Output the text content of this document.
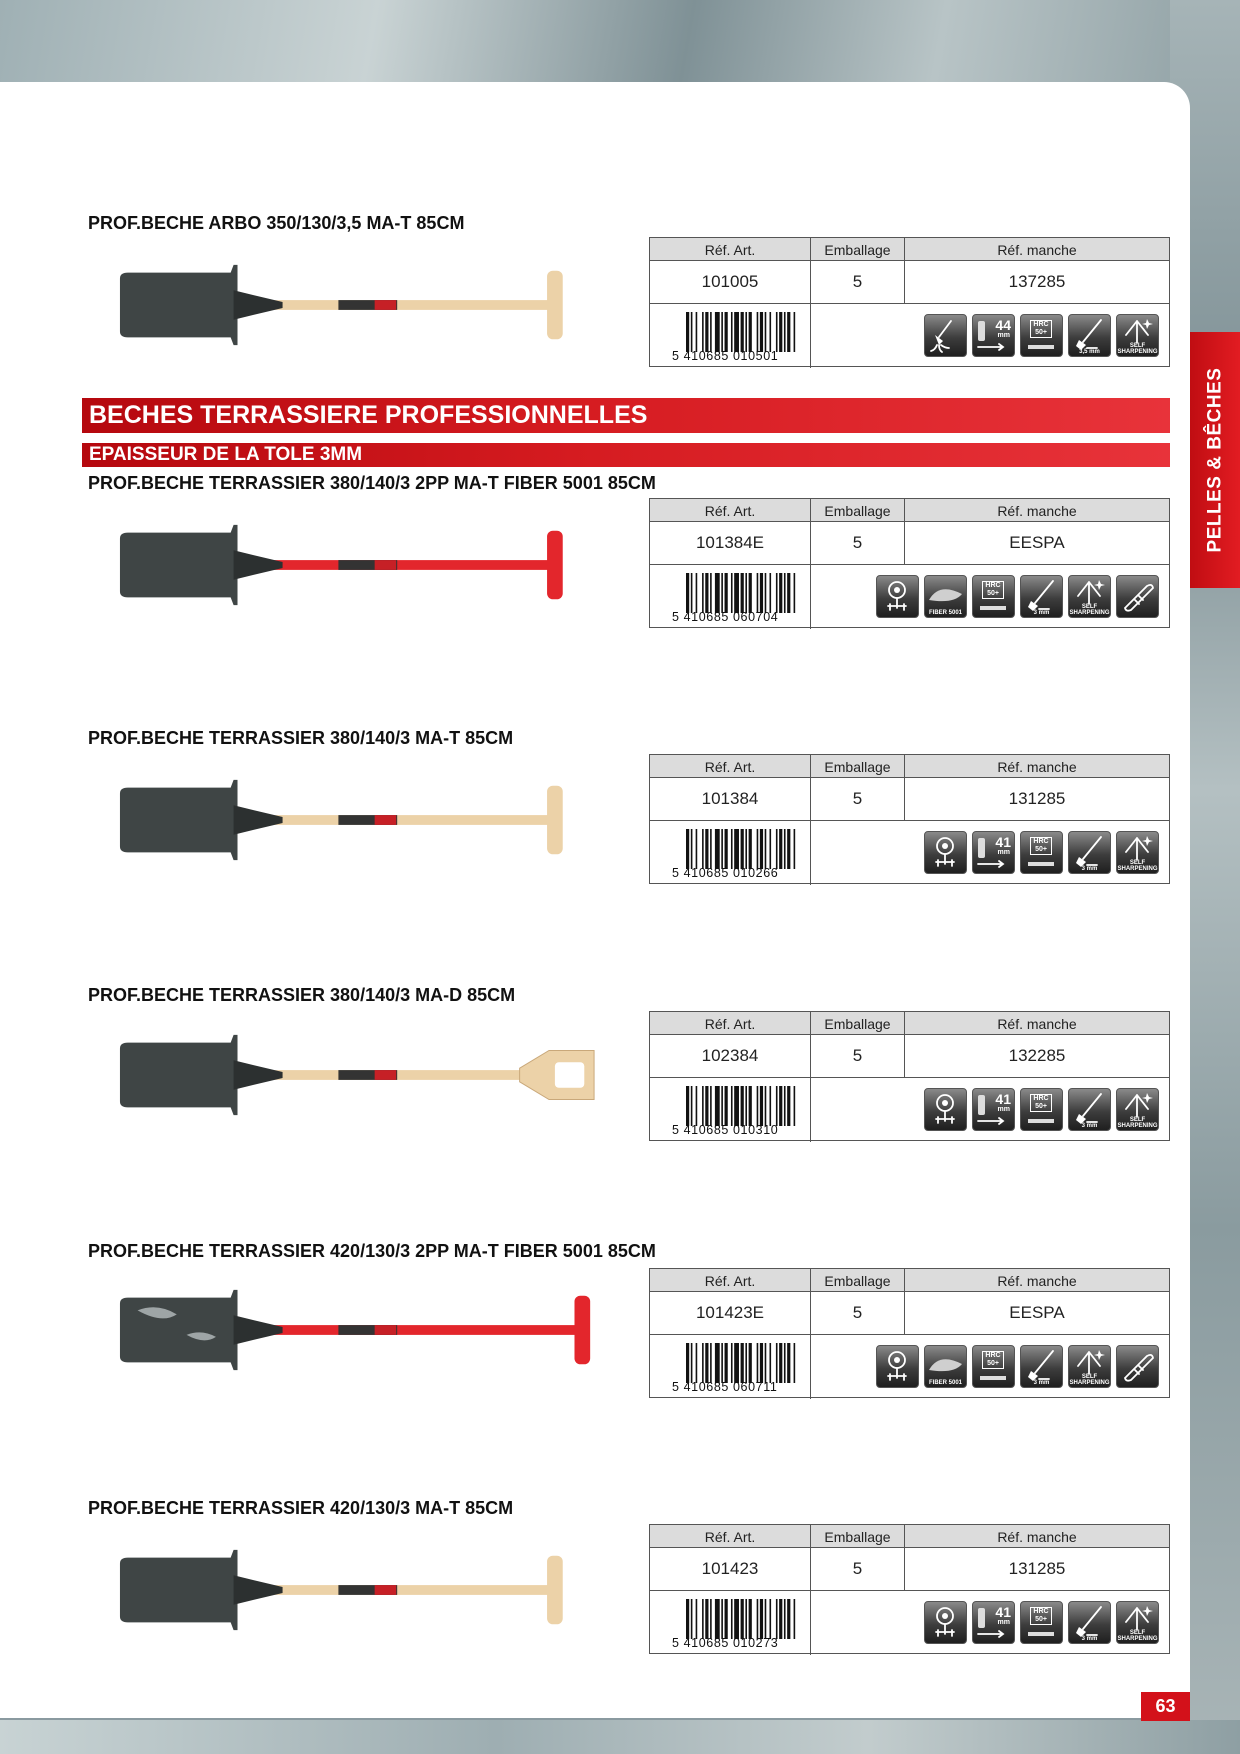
PELLES & BÊCHES
BECHES TERRASSIERE PROFESSIONNELLES
EPAISSEUR DE LA TOLE 3MM
PROF.BECHE ARBO 350/130/3,5 MA-T 85CM
Réf. Art.	Emballage	Réf. manche
101005	5	137285
5 410685 010501
44
mm
HRC
50+
3,5 mm
SELF SHARPENING
PROF.BECHE TERRASSIER 380/140/3 2PP MA-T FIBER 5001 85CM
Réf. Art.	Emballage	Réf. manche
101384E	5	EESPA
5 410685 060704	FIBER 5001
HRC
50+
3 mm
SELF SHARPENING
PROF.BECHE TERRASSIER 380/140/3 MA-T 85CM
Réf. Art.	Emballage	Réf. manche
101384	5	131285
5 410685 010266
41
mm
HRC
50+
3 mm
SELF SHARPENING
PROF.BECHE TERRASSIER 380/140/3 MA-D 85CM
Réf. Art.	Emballage	Réf. manche
102384	5	132285
5 410685 010310
41
mm
HRC
50+
3 mm
SELF SHARPENING
PROF.BECHE TERRASSIER 420/130/3 2PP MA-T FIBER 5001 85CM
Réf. Art.	Emballage	Réf. manche
101423E	5	EESPA
5 410685 060711	FIBER 5001
HRC
50+
3 mm
SELF SHARPENING
PROF.BECHE TERRASSIER 420/130/3 MA-T 85CM
Réf. Art.	Emballage	Réf. manche
101423	5	131285
5 410685 010273
41
mm
HRC
50+
3 mm
SELF SHARPENING
63
